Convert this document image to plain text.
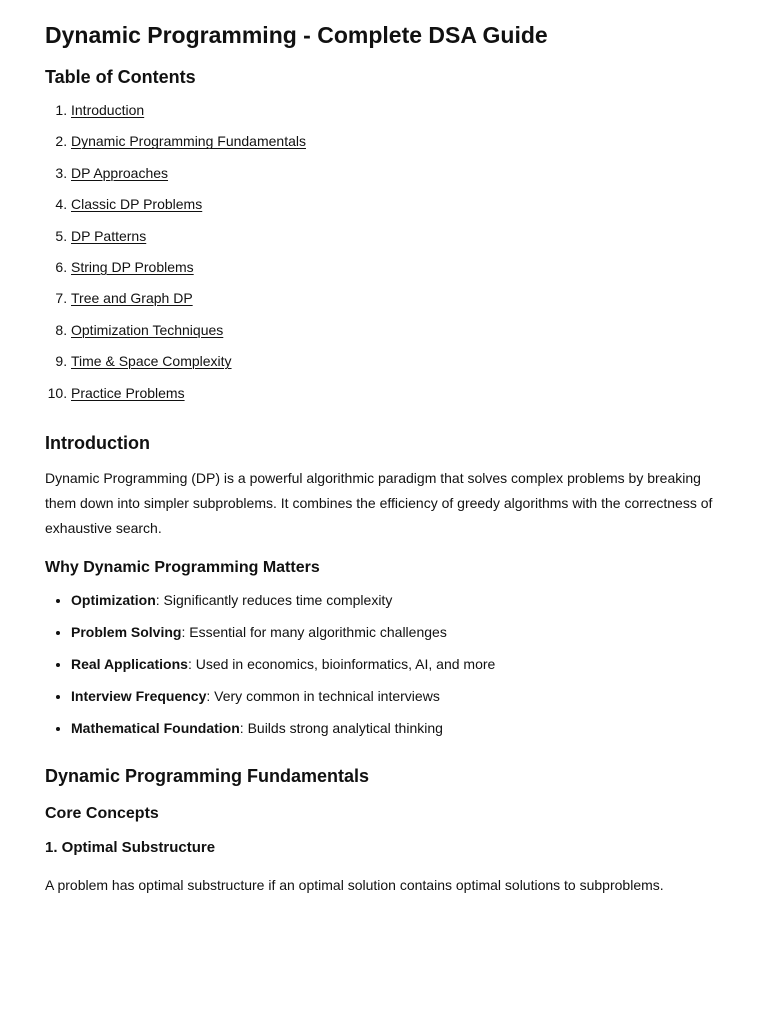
Dynamic Programming - Complete DSA Guide
Table of Contents
1. Introduction
2. Dynamic Programming Fundamentals
3. DP Approaches
4. Classic DP Problems
5. DP Patterns
6. String DP Problems
7. Tree and Graph DP
8. Optimization Techniques
9. Time & Space Complexity
10. Practice Problems
Introduction

Dynamic Programming (DP) is a powerful algorithmic paradigm that solves complex problems by breaking them down into simpler subproblems. It combines the efficiency of greedy algorithms with the correctness of exhaustive search.

Why Dynamic Programming Matters
• Optimization: Significantly reduces time complexity
• Problem Solving: Essential for many algorithmic challenges
• Real Applications: Used in economics, bioinformatics, AI, and more
• Interview Frequency: Very common in technical interviews
• Mathematical Foundation: Builds strong analytical thinking
Dynamic Programming Fundamentals
Core Concepts
1. Optimal Substructure

A problem has optimal substructure if an optimal solution contains optimal solutions to subproblems.
